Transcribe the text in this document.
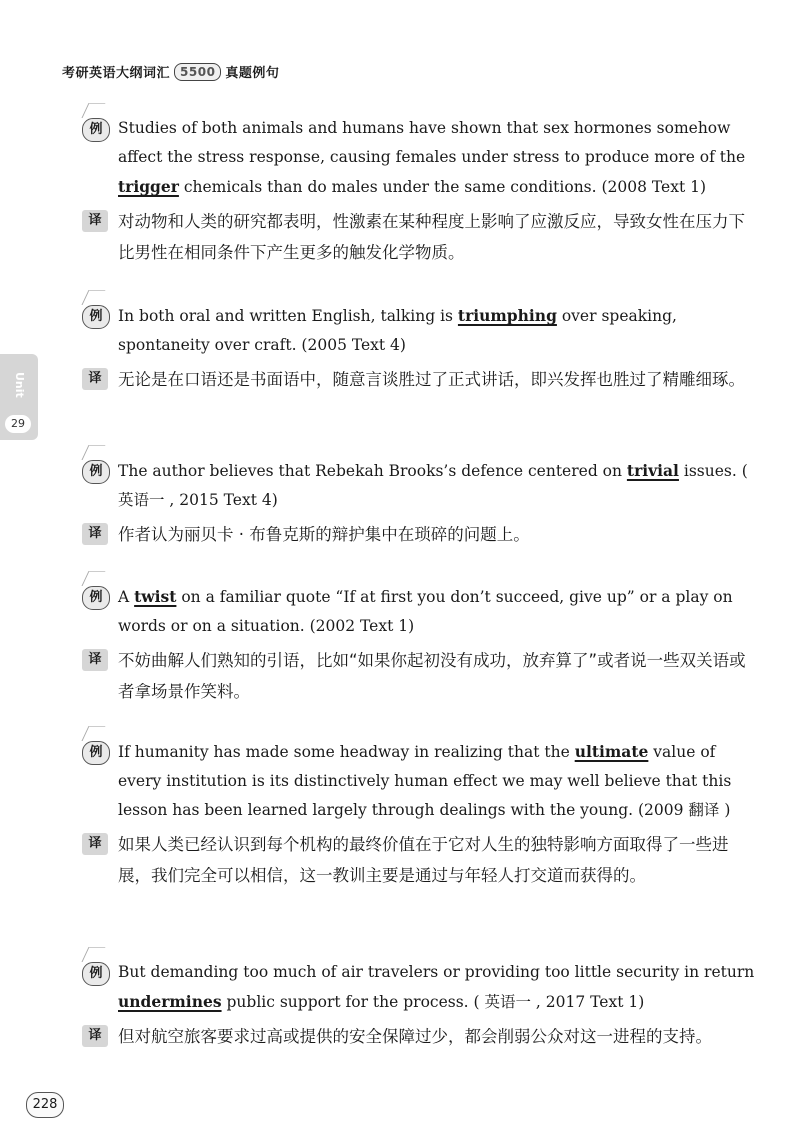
考研英语大纲词汇 5500 真题例句
Unit
29
例	Studies of both animals and humans have shown that sex hormones somehow affect the stress response, causing females under stress to produce more of the trigger chemicals than do males under the same conditions. (2008 Text 1)
译	对动物和人类的研究都表明，性激素在某种程度上影响了应激反应，导致女性在压力下比男性在相同条件下产生更多的触发化学物质。
例	In both oral and written English, talking is triumphing over speaking, spontaneity over craft. (2005 Text 4)
译	无论是在口语还是书面语中，随意言谈胜过了正式讲话，即兴发挥也胜过了精雕细琢。
例	The author believes that Rebekah Brooks’s defence centered on trivial issues. ( 英语一 , 2015 Text 4)
译	作者认为丽贝卡 · 布鲁克斯的辩护集中在琐碎的问题上。
例	A twist on a familiar quote “If at first you don’t succeed, give up” or a play on words or on a situation. (2002 Text 1)
译	不妨曲解人们熟知的引语，比如“如果你起初没有成功，放弃算了”或者说一些双关语或者拿场景作笑料。
例	If humanity has made some headway in realizing that the ultimate value of every institution is its distinctively human effect we may well believe that this lesson has been learned largely through dealings with the young. (2009 翻译 )
译	如果人类已经认识到每个机构的最终价值在于它对人生的独特影响方面取得了一些进展，我们完全可以相信，这一教训主要是通过与年轻人打交道而获得的。
例	But demanding too much of air travelers or providing too little security in return undermines public support for the process. ( 英语一 , 2017 Text 1)
译	但对航空旅客要求过高或提供的安全保障过少，都会削弱公众对这一进程的支持。
228
